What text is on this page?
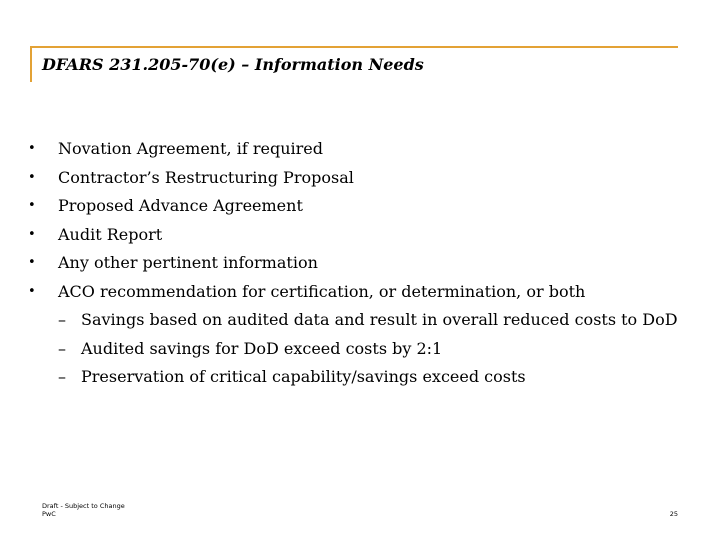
DFARS 231.205-70(e) – Information Needs
• Novation Agreement, if required
• Contractor’s Restructuring Proposal
• Proposed Advance Agreement
• Audit Report
• Any other pertinent information
• ACO recommendation for certification, or determination, or both
– Savings based on audited data and result in overall reduced costs to DoD
– Audited savings for DoD exceed costs by 2:1
– Preservation of critical capability/savings exceed costs
Draft - Subject to Change
PwC	25
